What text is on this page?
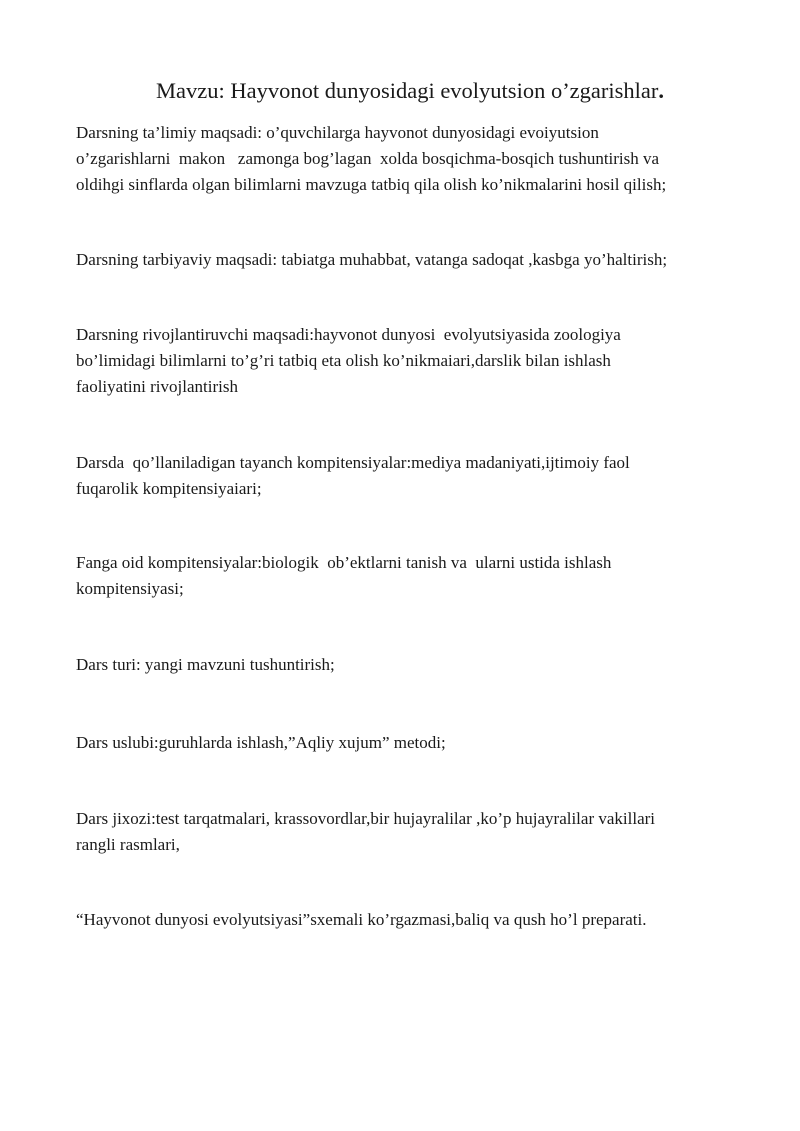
Mavzu: Hayvonot dunyosidagi evolyutsion o’zgarishlar.

Darsning ta’limiy maqsadi: o’quvchilarga hayvonot dunyosidagi evoiyutsion
o’zgarishlarni  makon   zamonga bog’lagan  xolda bosqichma-bosqich tushuntirish va
oldihgi sinflarda olgan bilimlarni mavzuga tatbiq qila olish ko’nikmalarini hosil qilish;

Darsning tarbiyaviy maqsadi: tabiatga muhabbat, vatanga sadoqat ,kasbga yo’haltirish;

Darsning rivojlantiruvchi maqsadi:hayvonot dunyosi  evolyutsiyasida zoologiya
bo’limidagi bilimlarni to’g’ri tatbiq eta olish ko’nikmaiari,darslik bilan ishlash
faoliyatini rivojlantirish

Darsda  qo’llaniladigan tayanch kompitensiyalar:mediya madaniyati,ijtimoiy faol
fuqarolik kompitensiyaiari;

Fanga oid kompitensiyalar:biologik  ob’ektlarni tanish va  ularni ustida ishlash
kompitensiyasi;

Dars turi: yangi mavzuni tushuntirish;

Dars uslubi:guruhlarda ishlash,”Aqliy xujum” metodi;

Dars jixozi:test tarqatmalari, krassovordlar,bir hujayralilar ,ko’p hujayralilar vakillari
rangli rasmlari,

“Hayvonot dunyosi evolyutsiyasi”sxemali ko’rgazmasi,baliq va qush ho’l preparati.
